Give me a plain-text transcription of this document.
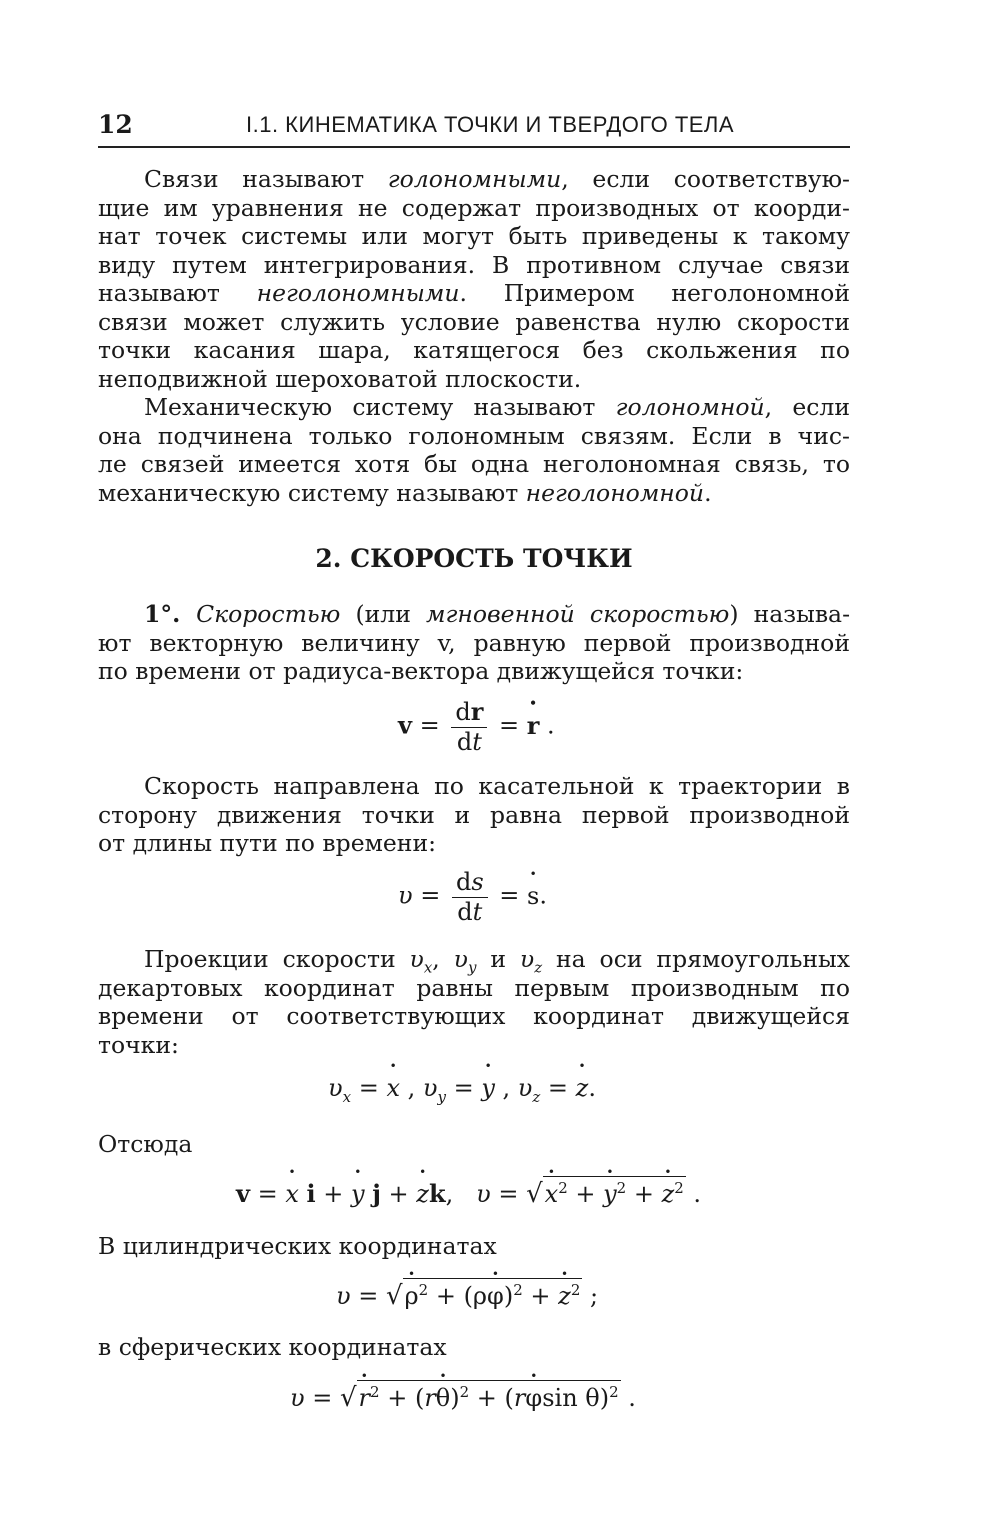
12	I.1. КИНЕМАТИКА ТОЧКИ И ТВЕРДОГО ТЕЛА
Связи называют голономными, если соответствую-
щие им уравнения не содержат производных от коорди-
нат точек системы или могут быть приведены к такому
виду путем интегрирования. В противном случае связи
называют неголономными. Примером неголономной
связи может служить условие равенства нулю скорости
точки касания шара, катящегося без скольжения по
неподвижной шероховатой плоскости.
Механическую систему называют голономной, если
она подчинена только голономным связям. Если в чис-
ле связей имеется хотя бы одна неголономная связь, то
механическую систему называют неголономной.
2. СКОРОСТЬ ТОЧКИ
1°. Скоростью (или мгновенной скоростью) называ-
ют векторную величину v, равную первой производной
по времени от радиуса-вектора движущейся точки:
$v = \frac{dr}{dt} = r$ • .
Скорость направлена по касательной к траектории в
сторону движения точки и равна первой производной
от длины пути по времени:
$\upsilon = \frac{ds}{dt} = s$ •.
Проекции скорости $\upsilon_x$, $\upsilon_y$ и $\upsilon_z$ на оси прямоугольных
декартовых координат равны первым производным по
времени от соответствующих координат движущейся
точки:
$\upsilon_x = x$ • , $\upsilon_y = y$ • , $\upsilon_z = z$ •.
Отсюда
v = x • i + y • j + z •k,   υ = √x •$^2$ + y •$^2$ + z •$^2$ .
В цилиндрических координатах
υ = √ρ •$^2$ + (ρφ •)$^2$ + z •$^2$ ;
в сферических координатах
υ = √r •$^2$ + (rθ •)$^2$ + (rφ •sin θ)$^2$ .
